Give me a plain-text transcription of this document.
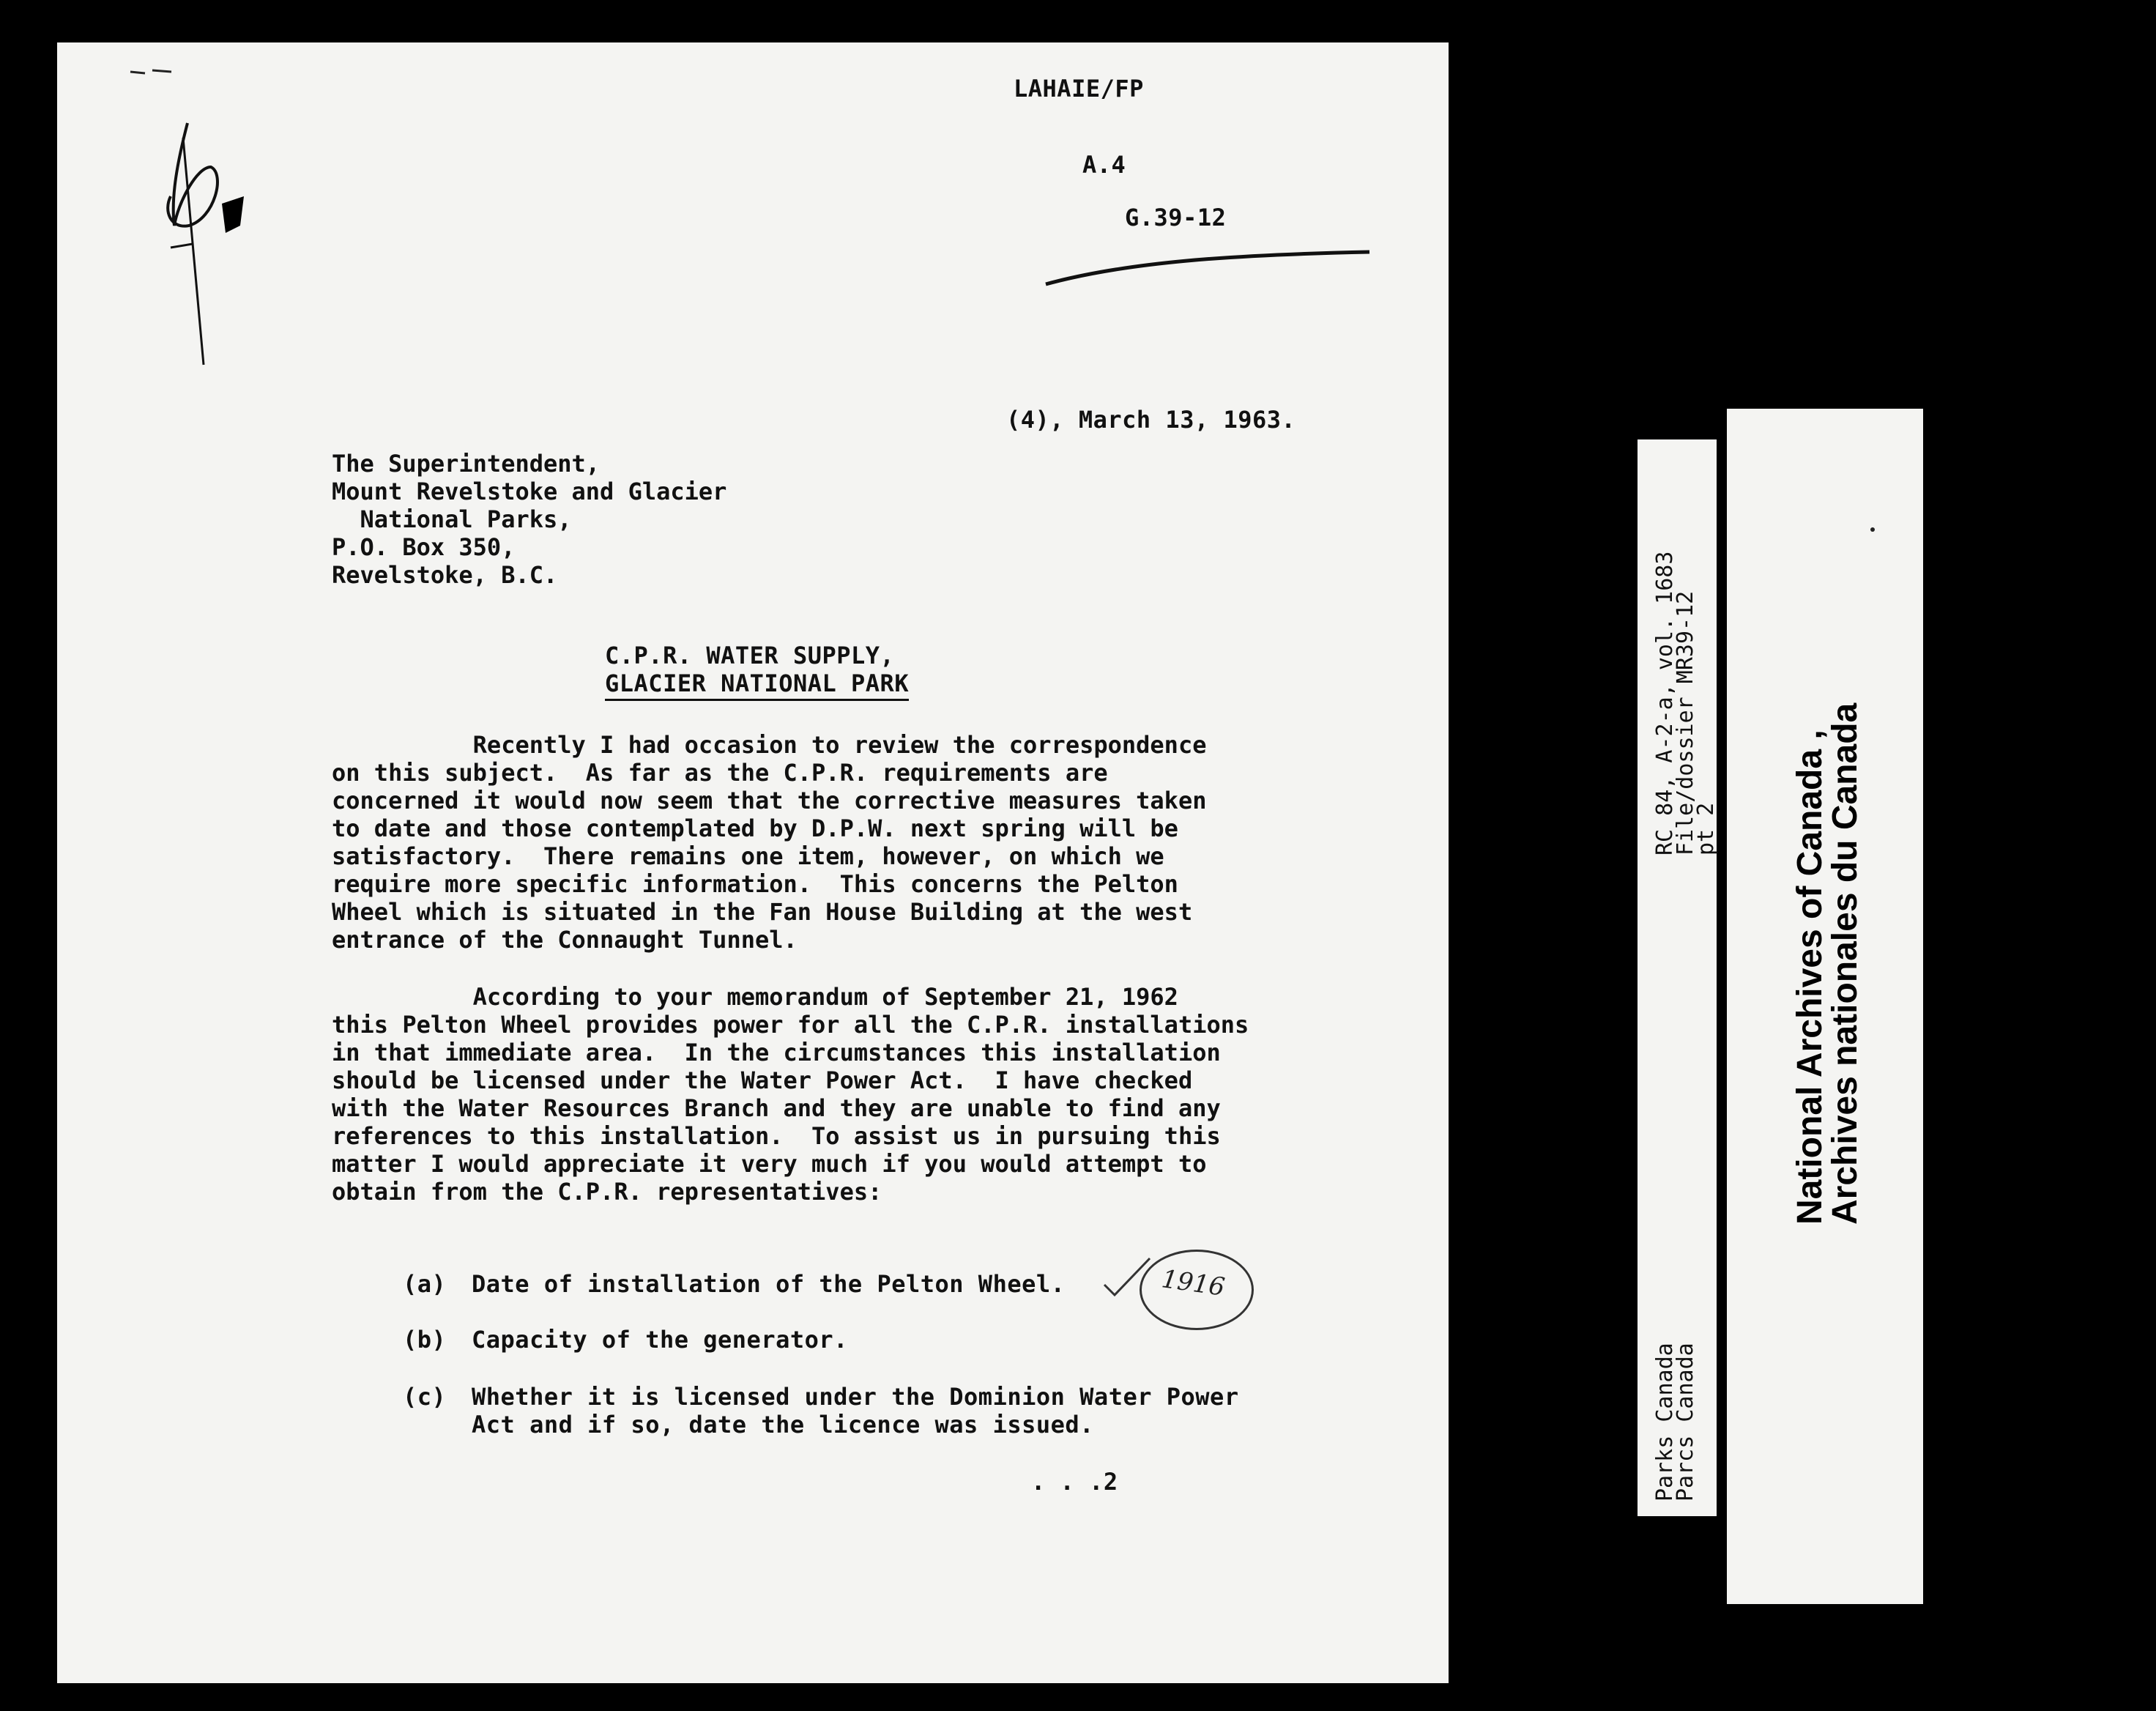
LAHAIE/FP
A.4
G.39-12
(4), March 13, 1963.
The Superintendent,
Mount Revelstoke and Glacier
National Parks,
P.O. Box 350,
Revelstoke, B.C.
C.P.R. WATER SUPPLY,
GLACIER NATIONAL PARK
Recently I had occasion to review the correspondence
on this subject.  As far as the C.P.R. requirements are
concerned it would now seem that the corrective measures taken
to date and those contemplated by D.P.W. next spring will be
satisfactory.  There remains one item, however, on which we
require more specific information.  This concerns the Pelton
Wheel which is situated in the Fan House Building at the west
entrance of the Connaught Tunnel.
According to your memorandum of September 21, 1962
this Pelton Wheel provides power for all the C.P.R. installations
in that immediate area.  In the circumstances this installation
should be licensed under the Water Power Act.  I have checked
with the Water Resources Branch and they are unable to find any
references to this installation.  To assist us in pursuing this
matter I would appreciate it very much if you would attempt to
obtain from the C.P.R. representatives:
(a) Date of installation of the Pelton Wheel.	1916
(b) Capacity of the generator.
(c) Whether it is licensed under the Dominion Water Power
Act and if so, date the licence was issued.
. . .2
RC 84, A-2-a, vol. 1683
File/dossier MR39-12
pt 2
Parks Canada
Parcs Canada
National Archives of Canada ,
Archives nationales du Canada
